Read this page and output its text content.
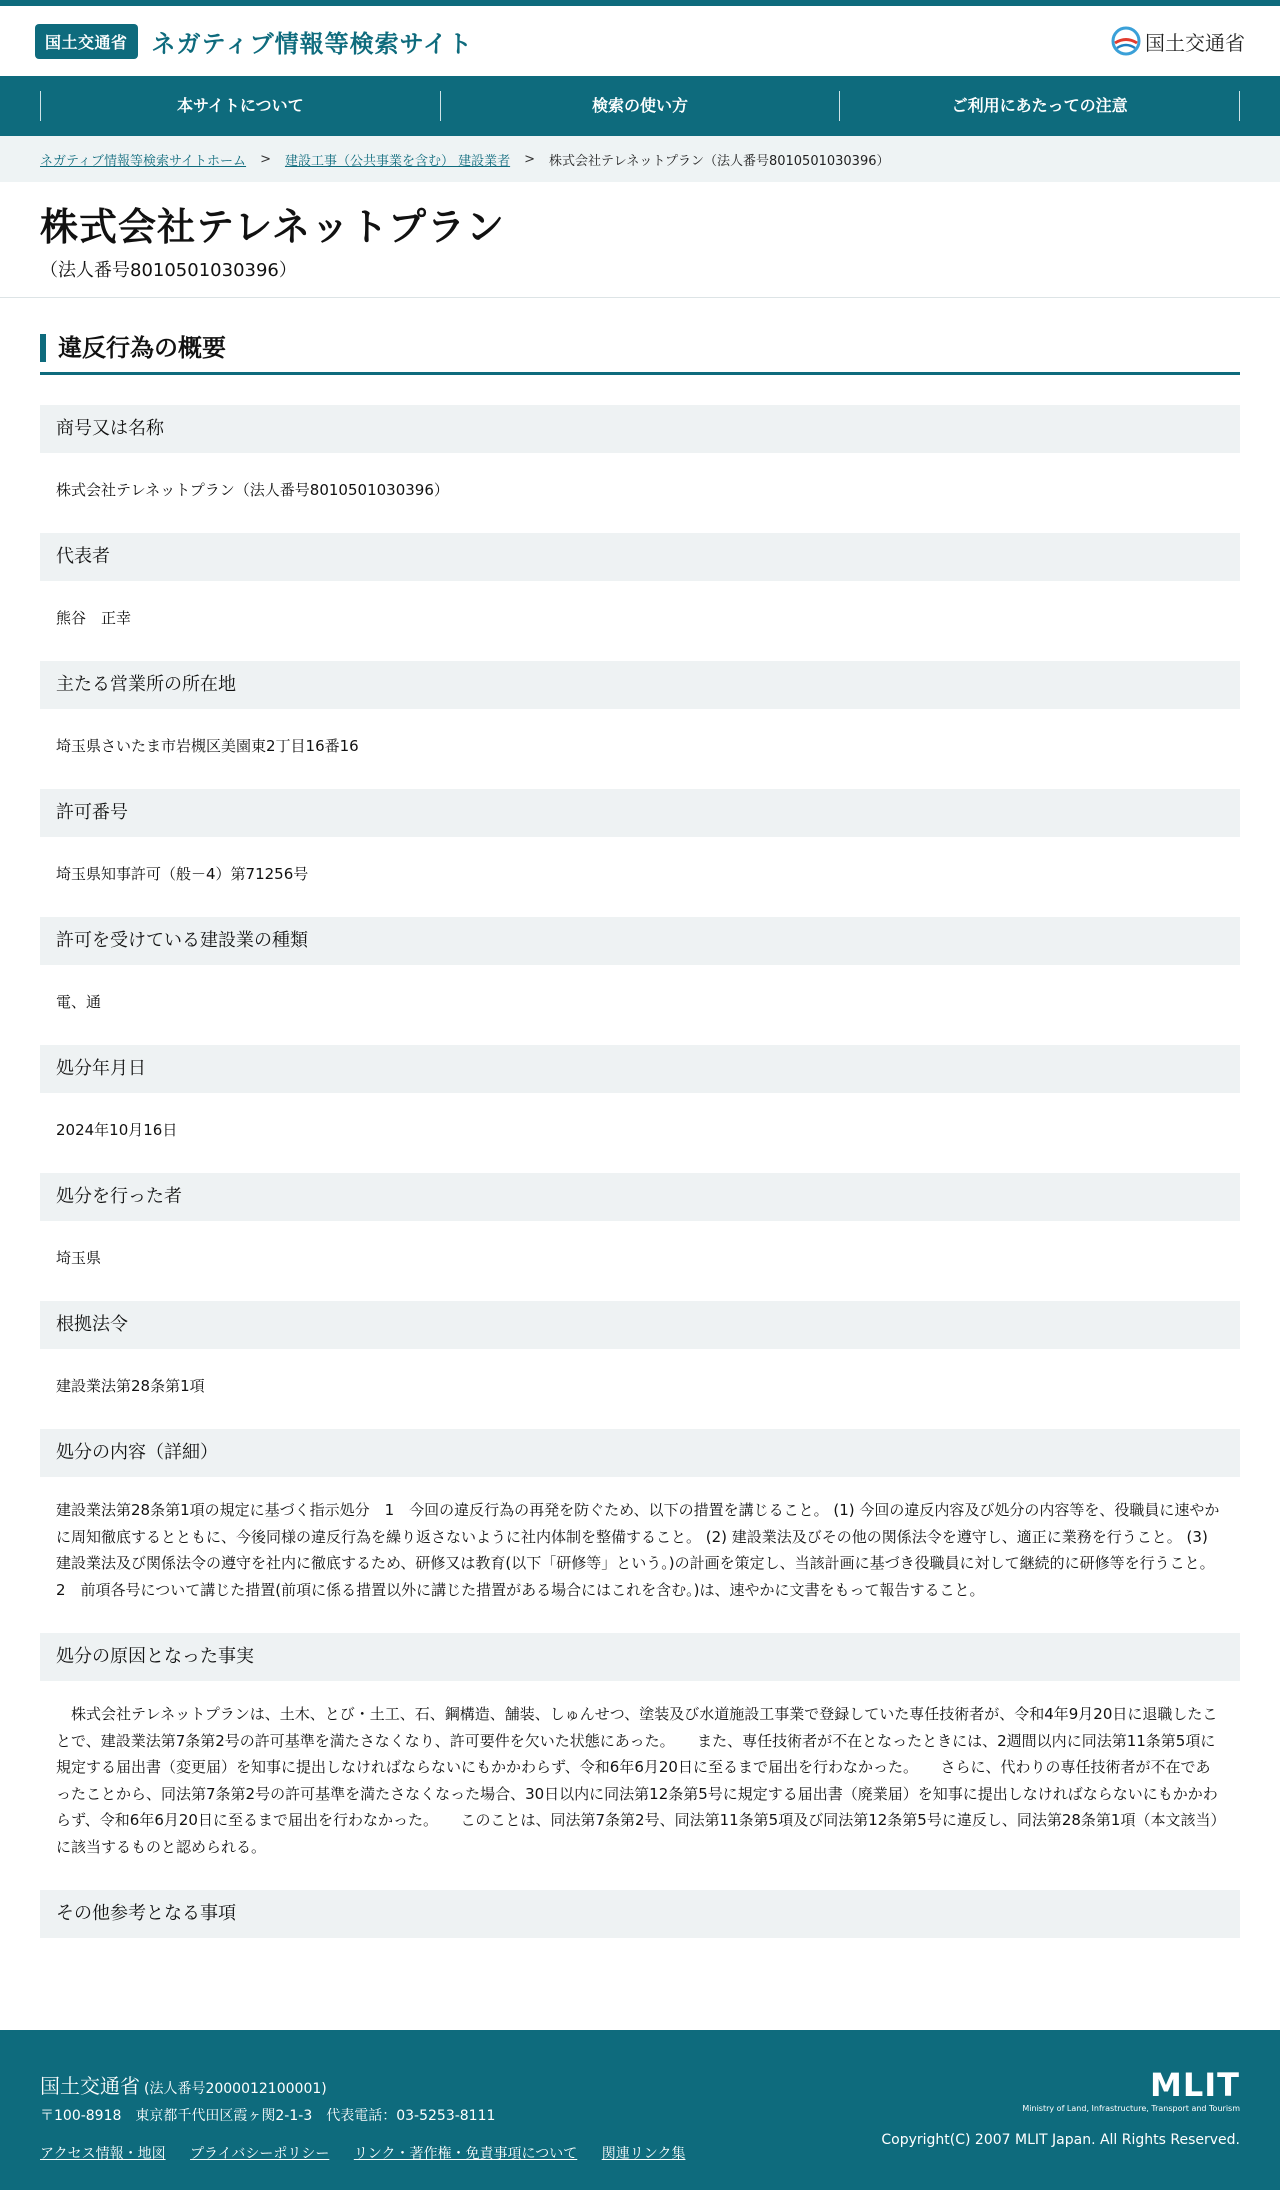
国土交通省	ネガティブ情報等検索サイト	国土交通省
本サイトについて	検索の使い方	ご利用にあたっての注意
ネガティブ情報等検索サイトホーム > 建設工事（公共事業を含む） 建設業者 > 株式会社テレネットプラン（法人番号8010501030396）
株式会社テレネットプラン
（法人番号8010501030396）
違反行為の概要
商号又は名称
株式会社テレネットプラン（法人番号8010501030396）
代表者
熊谷　正幸
主たる営業所の所在地
埼玉県さいたま市岩槻区美園東2丁目16番16
許可番号
埼玉県知事許可（般－4）第71256号
許可を受けている建設業の種類
電、通
処分年月日
2024年10月16日
処分を行った者
埼玉県
根拠法令
建設業法第28条第1項
処分の内容（詳細）
建設業法第28条第1項の規定に基づく指示処分　1　今回の違反行為の再発を防ぐため、以下の措置を講じること。 (1) 今回の違反内容及び処分の内容等を、役職員に速やかに周知徹底するとともに、今後同様の違反行為を繰り返さないように社内体制を整備すること。 (2) 建設業法及びその他の関係法令を遵守し、適正に業務を行うこと。 (3) 建設業法及び関係法令の遵守を社内に徹底するため、研修又は教育(以下「研修等」という。)の計画を策定し、当該計画に基づき役職員に対して継続的に研修等を行うこと。 2　前項各号について講じた措置(前項に係る措置以外に講じた措置がある場合にはこれを含む。)は、速やかに文書をもって報告すること。
処分の原因となった事実
　株式会社テレネットプランは、土木、とび・土工、石、鋼構造、舗装、しゅんせつ、塗装及び水道施設工事業で登録していた専任技術者が、令和4年9月20日に退職したことで、建設業法第7条第2号の許可基準を満たさなくなり、許可要件を欠いた状態にあった。　　また、専任技術者が不在となったときには、2週間以内に同法第11条第5項に規定する届出書（変更届）を知事に提出しなければならないにもかかわらず、令和6年6月20日に至るまで届出を行わなかった。　　さらに、代わりの専任技術者が不在であったことから、同法第7条第2号の許可基準を満たさなくなった場合、30日以内に同法第12条第5号に規定する届出書（廃業届）を知事に提出しなければならないにもかかわらず、令和6年6月20日に至るまで届出を行わなかった。　　このことは、同法第7条第2号、同法第11条第5項及び同法第12条第5号に違反し、同法第28条第1項（本文該当）に該当するものと認められる。
その他参考となる事項
国土交通省 (法人番号2000012100001)
〒100-8918　東京都千代田区霞ヶ関2-1-3　代表電話：03-5253-8111
アクセス情報・地図 プライバシーポリシー リンク・著作権・免責事項について 関連リンク集
MLIT
Ministry of Land, Infrastructure, Transport and Tourism
Copyright(C) 2007 MLIT Japan. All Rights Reserved.
